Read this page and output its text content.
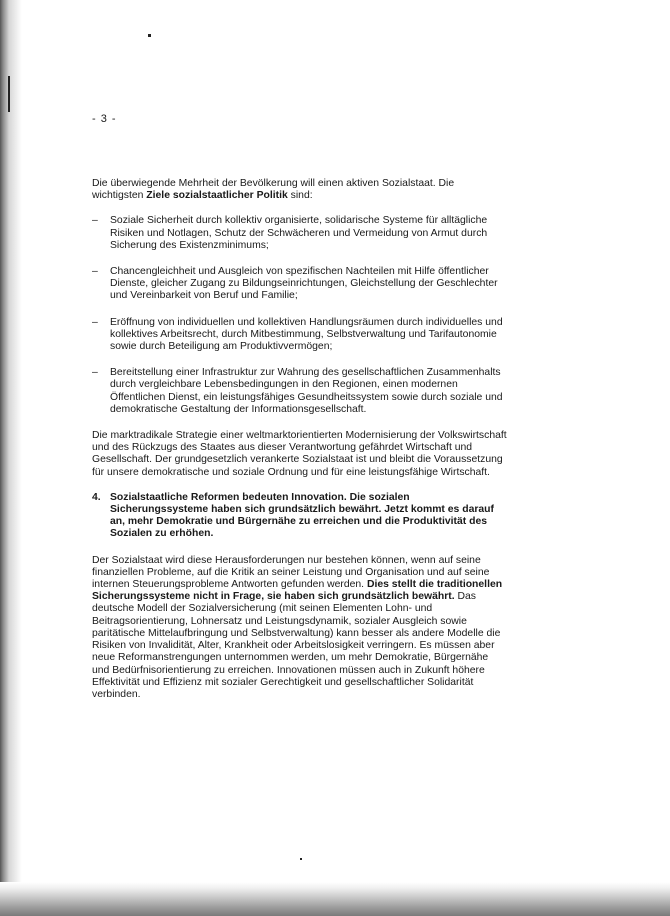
- 3 -

Die überwiegende Mehrheit der Bevölkerung will einen aktiven Sozialstaat. Die
wichtigsten Ziele sozialstaatlicher Politik sind:

– Soziale Sicherheit durch kollektiv organisierte, solidarische Systeme für alltägliche Risiken und Notlagen, Schutz der Schwächeren und Vermeidung von Armut durch Sicherung des Existenzminimums;
– Chancengleichheit und Ausgleich von spezifischen Nachteilen mit Hilfe öffentlicher Dienste, gleicher Zugang zu Bildungseinrichtungen, Gleichstellung der Geschlechter und Vereinbarkeit von Beruf und Familie;
– Eröffnung von individuellen und kollektiven Handlungsräumen durch individuelles und kollektives Arbeitsrecht, durch Mitbestimmung, Selbstverwaltung und Tarifautonomie sowie durch Beteiligung am Produktivvermögen;
– Bereitstellung einer Infrastruktur zur Wahrung des gesellschaftlichen Zusammenhalts durch vergleichbare Lebensbedingungen in den Regionen, einen modernen Öffentlichen Dienst, ein leistungsfähiges Gesundheitssystem sowie durch soziale und demokratische Gestaltung der Informationsgesellschaft.

Die marktradikale Strategie einer weltmarktorientierten Modernisierung der Volkswirtschaft und des Rückzugs des Staates aus dieser Verantwortung gefährdet Wirtschaft und Gesellschaft. Der grundgesetzlich verankerte Sozialstaat ist und bleibt die Voraussetzung für unsere demokratische und soziale Ordnung und für eine leistungsfähige Wirtschaft.

4. Sozialstaatliche Reformen bedeuten Innovation. Die sozialen Sicherungssysteme haben sich grundsätzlich bewährt. Jetzt kommt es darauf an, mehr Demokratie und Bürgernähe zu erreichen und die Produktivität des Sozialen zu erhöhen.

Der Sozialstaat wird diese Herausforderungen nur bestehen können, wenn auf seine finanziellen Probleme, auf die Kritik an seiner Leistung und Organisation und auf seine internen Steuerungsprobleme Antworten gefunden werden. Dies stellt die traditionellen Sicherungssysteme nicht in Frage, sie haben sich grundsätzlich bewährt. Das deutsche Modell der Sozialversicherung (mit seinen Elementen Lohn- und Beitragsorientierung, Lohnersatz und Leistungsdynamik, sozialer Ausgleich sowie paritätische Mittelaufbringung und Selbstverwaltung) kann besser als andere Modelle die Risiken von Invalidität, Alter, Krankheit oder Arbeitslosigkeit verringern. Es müssen aber neue Reformanstrengungen unternommen werden, um mehr Demokratie, Bürgernähe und Bedürfnisorientierung zu erreichen. Innovationen müssen auch in Zukunft höhere Effektivität und Effizienz mit sozialer Gerechtigkeit und gesellschaftlicher Solidarität verbinden.
